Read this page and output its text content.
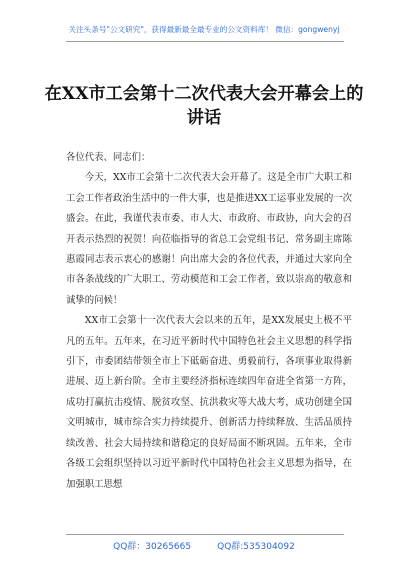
关注头条号"公文研究"，获得最新最全最专业的公文资料库！ 微信：gongwenyj
在XX市工会第十二次代表大会开幕会上的讲话

各位代表、同志们：

今天，XX市工会第十二次代表大会开幕了。这是全市广大职工和工会工作者政治生活中的一件大事，也是推进XX工运事业发展的一次盛会。在此，我谨代表市委、市人大、市政府、市政协，向大会的召开表示热烈的祝贺！向莅临指导的省总工会党组书记、常务副主席陈惠霞同志表示衷心的感谢！向出席大会的各位代表，并通过大家向全市各条战线的广大职工、劳动模范和工会工作者，致以崇高的敬意和诚挚的问候！

XX市工会第十一次代表大会以来的五年，是XX发展史上极不平凡的五年。五年来，在习近平新时代中国特色社会主义思想的科学指引下，市委团结带领全市上下砥砺奋进、勇毅前行，各项事业取得新进展、迈上新台阶。全市主要经济指标连续四年奋进全省第一方阵，成功打赢抗击疫情、脱贫攻坚、抗洪救灾等大战大考，成功创建全国文明城市，城市综合实力持续提升、创新活力持续释放、生活品质持续改善、社会大局持续和谐稳定的良好局面不断巩固。五年来，全市各级工会组织坚持以习近平新时代中国特色社会主义思想为指导，在加强职工思想

QQ群：30265665	QQ群:535304092
